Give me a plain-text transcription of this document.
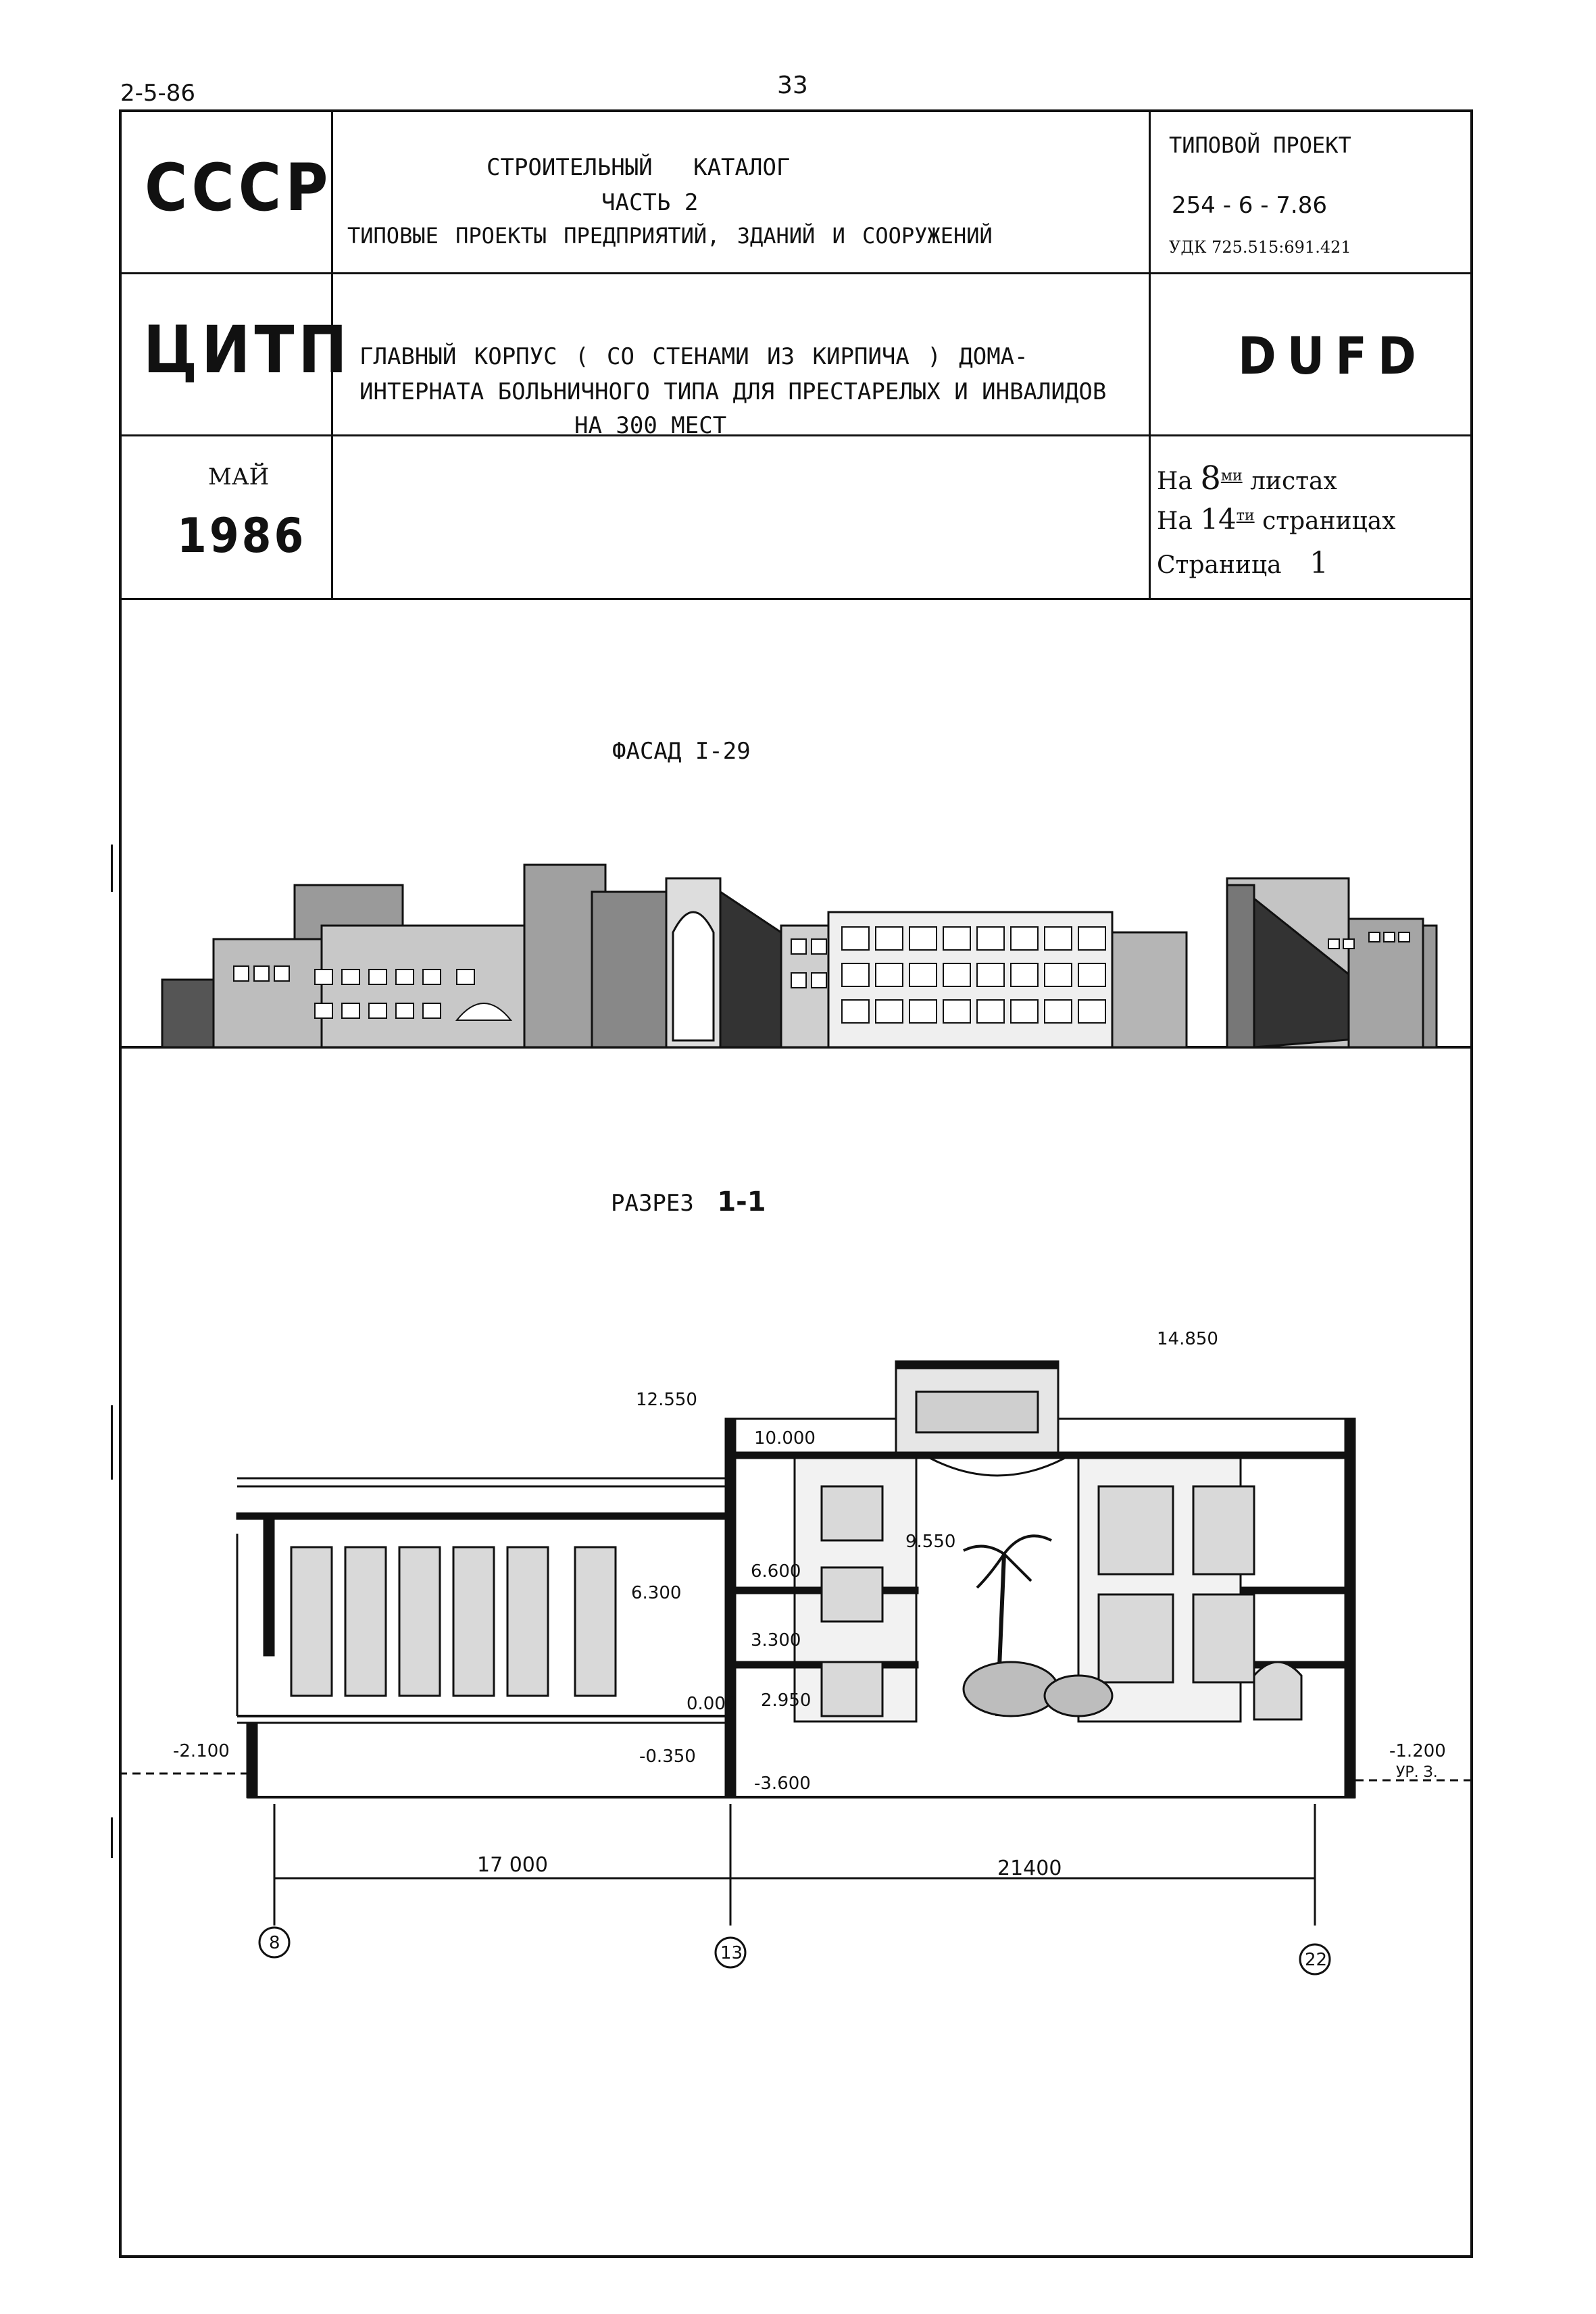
2-5-86	33
СССР
ЦИТП
МАЙ
1986
СТРОИТЕЛЬНЫЙ КАТАЛОГ
ЧАСТЬ 2
ТИПОВЫЕ ПРОЕКТЫ ПРЕДПРИЯТИЙ, ЗДАНИЙ И СООРУЖЕНИЙ
ГЛАВНЫЙ КОРПУС ( СО СТЕНАМИ ИЗ КИРПИЧА ) ДОМА-
ИНТЕРНАТА БОЛЬНИЧНОГО ТИПА ДЛЯ ПРЕСТАРЕЛЫХ И ИНВАЛИДОВ
НА 300 МЕСТ
ТИПОВОЙ ПРОЕКТ
254 - 6 - 7.86
УДК 725.515:691.421
DUFD
На $8^{ми}$ листах
На $14^{ти}$ страницах
Страница 1
ФАСАД I-29
РАЗРЕЗ 1-1
14.850
12.550
10.000
9.550
6.600
6.300
3.300
2.950
0.000
-0.350
-2.100
-3.600
-1.200
УР. З.
17 000	21400
8	13	22
